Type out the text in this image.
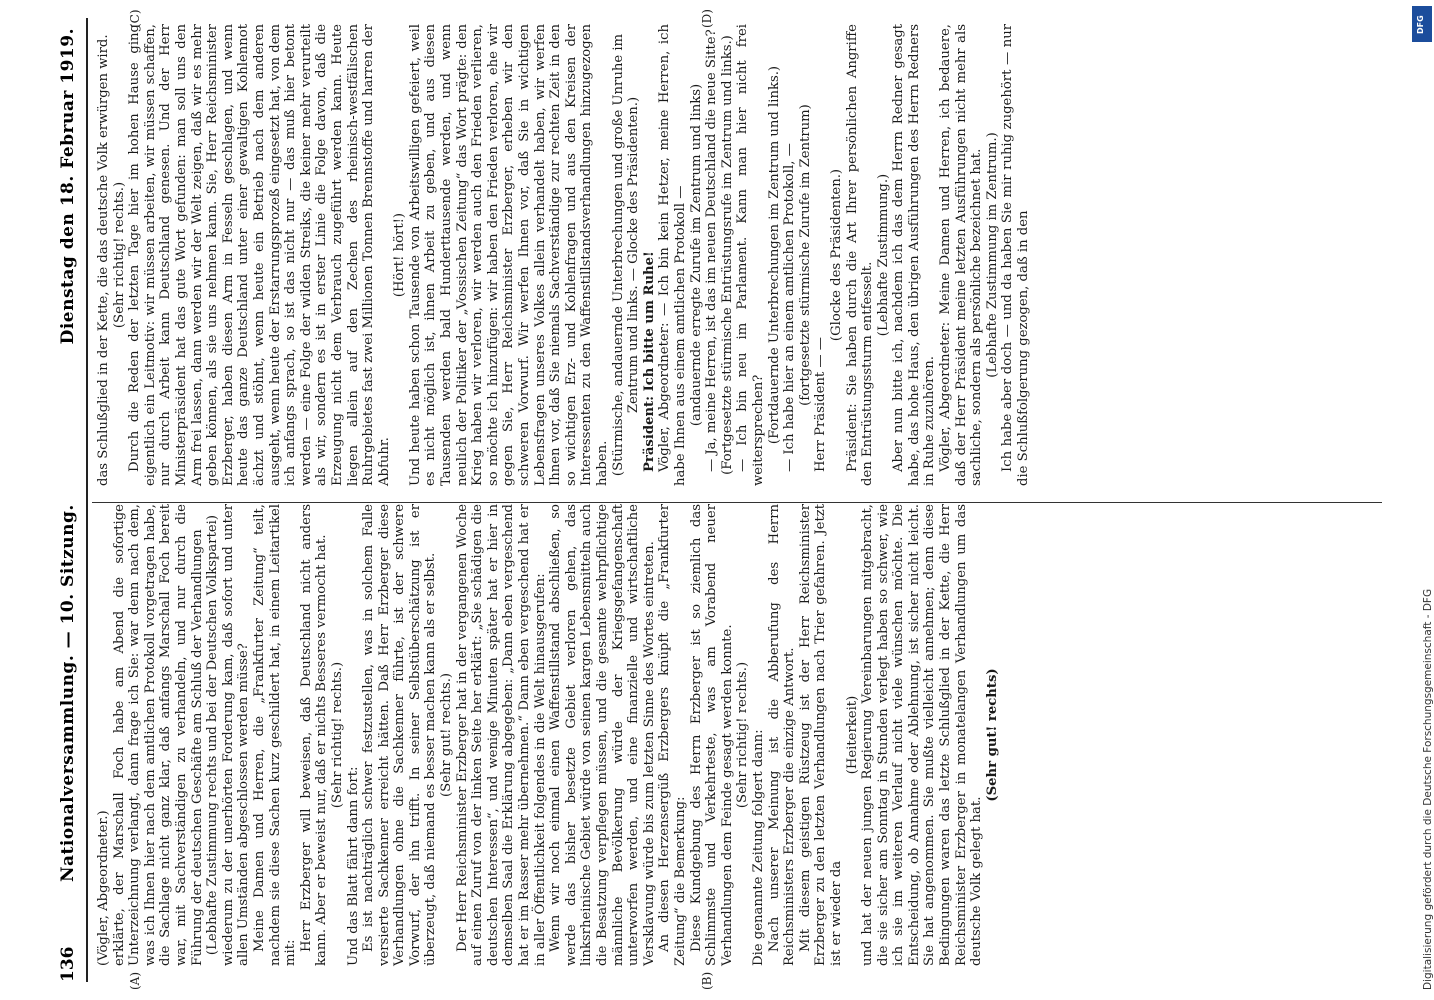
136
Nationalversammlung. — 10. Sitzung.
Dienstag den 18. Februar 1919.
(A)	(B)
(C)	(D)

(Vögler, Abgeordneter.) erklärte, der Marschall Foch habe am Abend die sofortige Unterzeichnung verlangt, dann frage ich Sie: war denn nach dem, was ich Ihnen hier nach dem amtlichen Protokoll vorgetragen habe, die Sachlage nicht ganz klar, daß anfangs Marschall Foch bereit war, mit Sachverständigen zu verhandeln, und nur durch die Führung der deutschen Geschäfte am Schluß der Verhandlungen (Lebhafte Zustimmung rechts und bei der Deutschen Volkspartei) wiederum zu der unerhörten Forderung kam, daß sofort und unter allen Umständen abgeschlossen werden müsse? Meine Damen und Herren, die „Frankfurter Zeitung“ teilt, nachdem sie diese Sachen kurz geschildert hat, in einem Leitartikel mit:

Herr Erzberger will beweisen, daß Deutschland nicht anders kann. Aber er beweist nur, daß er nichts Besseres vermocht hat. (Sehr richtig! rechts.)

Und das Blatt fährt dann fort: Es ist nachträglich schwer festzustellen, was in solchem Falle versierte Sachkenner erreicht hätten. Daß Herr Erzberger diese Verhandlungen ohne die Sachkenner führte, ist der schwere Vorwurf, der ihn trifft. In seiner Selbstüberschätzung ist er überzeugt, daß niemand es besser machen kann als er selbst. (Sehr gut! rechts.) Der Herr Reichsminister Erzberger hat in der vergangenen Woche auf einen Zuruf von der linken Seite her erklärt: „Sie schädigen die deutschen Interessen“, und wenige Minuten später hat er hier in demselben Saal die Erklärung abgegeben: „Dann eben vergeschend hat er im Rasser mehr übernehmen.“ Dann eben vergeschend hat er in aller Öffentlichkeit folgendes in die Welt hinausgerufen: Wenn wir noch einmal einen Waffenstillstand abschließen, so werde das bisher besetzte Gebiet verloren gehen, das linksrheinische Gebiet würde von seinen kargen Lebensmitteln auch die Besatzung verpflegen müssen, und die gesamte wehrpflichtige männliche Bevölkerung würde der Kriegsgefangenschaft unterworfen werden, und eine finanzielle und wirtschaftliche Versklavung würde bis zum letzten Sinne des Wortes eintreten. An diesen Herzensergüß Erzbergers knüpft die „Frankfurter Zeitung“ die Bemerkung: Diese Kundgebung des Herrn Erzberger ist so ziemlich das Schlimmste und Verkehrteste, was am Vorabend neuer Verhandlungen dem Feinde gesagt werden konnte. (Sehr richtig! rechts.) Die genannte Zeitung folgert dann: Nach unserer Meinung ist die Abberufung des Herrn Reichsministers Erzberger die einzige Antwort. Mit diesem geistigen Rüstzeug ist der Herr Reichsminister Erzberger zu den letzten Verhandlungen nach Trier gefahren. Jetzt ist er wieder da

(Heiterkeit) und hat der neuen jungen Regierung Vereinbarungen mitgebracht, die sie sicher am Sonntag in Stunden verlegt haben so schwer, wie ich sie im weiteren Verlauf nicht viele wünschen möchte. Die Entscheidung, ob Annahme oder Ablehnung, ist sicher nicht leicht. Sie hat angenommen. Sie mußte vielleicht annehmen; denn diese Bedingungen waren das letzte Schlußglied in der Kette, die Herr Reichsminister Erzberger in monatelangen Verhandlungen um das deutsche Volk gelegt hat.

(Sehr gut! rechts)

das Schlußglied in der Kette, die das deutsche Volk erwürgen wird. (Sehr richtig! rechts.) Durch die Reden der letzten Tage hier im hohen Hause ging eigentlich ein Leitmotiv: wir müssen arbeiten, wir müssen schaffen, nur durch Arbeit kann Deutschland genesen. Und der Herr Ministerpräsident hat das gute Wort gefunden: man soll uns den Arm frei lassen, dann werden wir der Welt zeigen, daß wir es mehr geben können, als sie uns nehmen kann. Sie, Herr Reichsminister Erzberger, haben diesen Arm in Fesseln geschlagen, und wenn heute das ganze Deutschland unter einer gewaltigen Kohlennot ächzt und stöhnt, wenn heute ein Betrieb nach dem anderen ausgeht, wenn heute der Erstarrungsprozeß eingesetzt hat, von dem ich anfangs sprach, so ist das nicht nur — das muß hier betont werden — eine Folge der wilden Streiks, die keiner mehr verurteilt als wir, sondern es ist in erster Linie die Folge davon, daß die Erzeugung nicht dem Verbrauch zugeführt werden kann. Heute liegen allein auf den Zechen des rheinisch-westfälischen Ruhrgebietes fast zwei Millionen Tonnen Brennstoffe und harren der Abfuhr.

(Hört! hört!) Und heute haben schon Tausende von Arbeitswilligen gefeiert, weil es nicht möglich ist, ihnen Arbeit zu geben, und aus diesen Tausenden werden bald Hunderttausende werden, und wenn neulich der Politiker der „Vossischen Zeitung“ das Wort prägte: den Krieg haben wir verloren, wir werden auch den Frieden verlieren, so möchte ich hinzufügen: wir haben den Frieden verloren, ehe wir gegen Sie, Herr Reichsminister Erzberger, erheben wir den schweren Vorwurf. Wir werfen Ihnen vor, daß Sie in wichtigen Lebensfragen unseres Volkes allein verhandelt haben, wir werfen Ihnen vor, daß Sie niemals Sachverständige zur rechten Zeit in den so wichtigen Erz- und Kohlenfragen und aus den Kreisen der Interessenten zu den Waffenstillstandsverhandlungen hinzugezogen haben. (Stürmische, andauernde Unterbrechungen und große Unruhe im Zentrum und links. — Glocke des Präsidenten.) Präsident: Ich bitte um Ruhe! Vögler, Abgeordneter: — Ich bin kein Hetzer, meine Herren, ich habe Ihnen aus einem amtlichen Protokoll — (andauernde erregte Zurufe im Zentrum und links) — Ja, meine Herren, ist das im neuen Deutschland die neue Sitte? (Fortgesetzte stürmische Entrüstungsrufe im Zentrum und links.) — Ich bin neu im Parlament. Kann man hier nicht frei weitersprechen? (Fortdauernde Unterbrechungen im Zentrum und links.) — Ich habe hier an einem amtlichen Protokoll, — (fortgesetzte stürmische Zurufe im Zentrum) Herr Präsident — —

(Glocke des Präsidenten.) Präsident: Sie haben durch die Art Ihrer persönlichen Angriffe den Entrüstungssturm entfesselt.

(Lebhafte Zustimmung.) Aber nun bitte ich, nachdem ich das dem Herrn Redner gesagt habe, das hohe Haus, den übrigen Ausführungen des Herrn Redners in Ruhe zuzuhören. Vögler, Abgeordneter: Meine Damen und Herren, ich bedauere, daß der Herr Präsident meine letzten Ausführungen nicht mehr als sachliche, sondern als persönliche bezeichnet hat. (Lebhafte Zustimmung im Zentrum.) Ich habe aber doch — und da haben Sie mir ruhig zugehört — nur die Schlußfolgerung gezogen, daß in den

DFG
Digitalisierung gefördert durch die Deutsche Forschungsgemeinschaft - DFG
